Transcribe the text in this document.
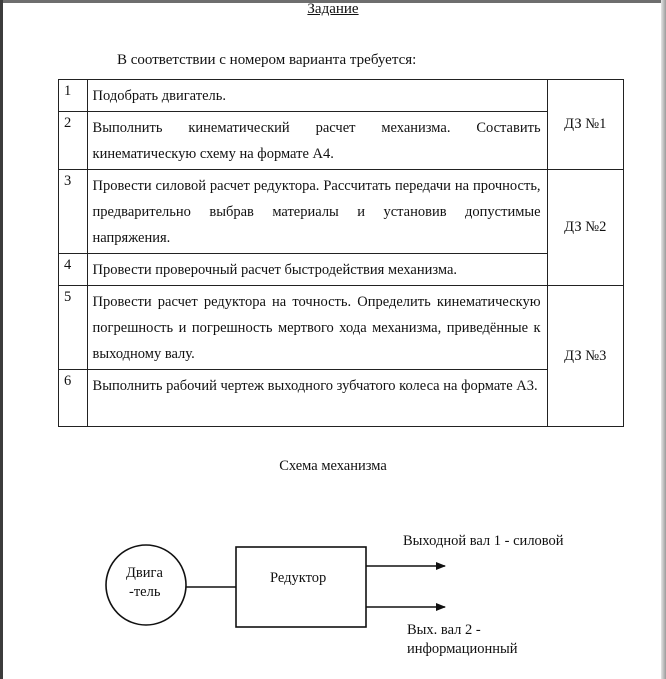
Задание
В соответствии с номером варианта требуется:
1	Подобрать двигатель.	ДЗ №1
2	Выполнить кинематический расчет механизма. Составить кинематическую схему на формате А4.	

3	Провести силовой расчет редуктора. Рассчитать передачи на прочность, предварительно выбрав материалы и установив допустимые напряжения.	ДЗ №2
4	Провести проверочный расчет быстродействия механизма.	

5	Провести расчет редуктора на точность. Определить кинематическую погрешность и погрешность мертвого хода механизма, приведённые к выходному валу.	ДЗ №3
6	Выполнить рабочий чертеж выходного зубчатого колеса на формате А3.	
Схема механизма
Двига
-тель
Редуктор
Выходной вал 1 - силовой
Вых. вал 2 -
информационный
